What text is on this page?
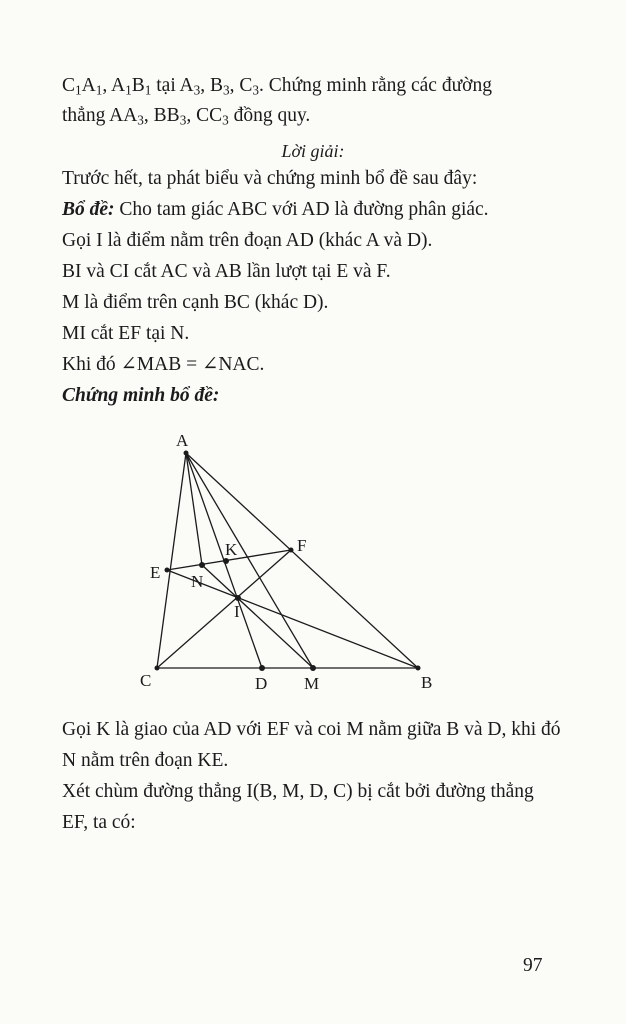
$C_1A_1$, $A_1B_1$ tại $A_3$, $B_3$, $C_3$. Chứng minh rằng các đường
thẳng $AA_3$, $BB_3$, $CC_3$ đồng quy.
Lời giải:
Trước hết, ta phát biểu và chứng minh bổ đề sau đây:
Bổ đề: Cho tam giác ABC với AD là đường phân giác.
Gọi I là điểm nằm trên đoạn AD (khác A và D).
BI và CI cắt AC và AB lần lượt tại E và F.
M là điểm trên cạnh BC (khác D).
MI cắt EF tại N.
Khi đó ∠MAB = ∠NAC.
Chứng minh bổ đề:
A
B
C	D M
E
F
K
N
I
Gọi K là giao của AD với EF và coi M nằm giữa B và D, khi đó N nằm trên đoạn KE.
Xét chùm đường thẳng I(B, M, D, C) bị cắt bởi đường thẳng EF, ta có:
97
